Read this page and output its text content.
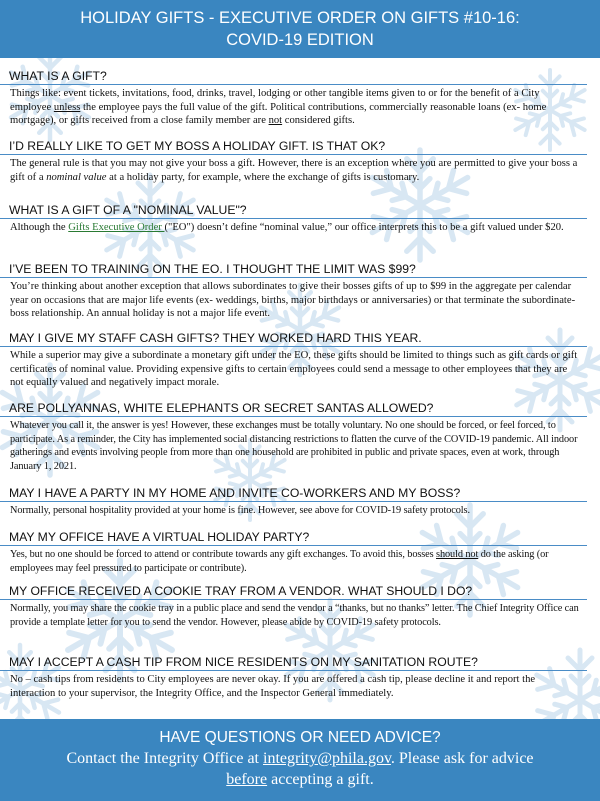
HOLIDAY GIFTS - EXECUTIVE ORDER ON GIFTS #10-16:
COVID-19 EDITION
WHAT IS A GIFT?

Things like: event tickets, invitations, food, drinks, travel, lodging or other tangible items given to or for the benefit of a City employee unless the employee pays the full value of the gift. Political contributions, commercially reasonable loans (ex- home mortgage), or gifts received from a close family member are not considered gifts.

I’D REALLY LIKE TO GET MY BOSS A HOLIDAY GIFT. IS THAT OK?

The general rule is that you may not give your boss a gift. However, there is an exception where you are permitted to give your boss a gift of a nominal value at a holiday party, for example, where the exchange of gifts is customary.

WHAT IS A GIFT OF A "NOMINAL VALUE"?

Although the Gifts Executive Order ("EO") doesn’t define “nominal value,” our office interprets this to be a gift valued under $20.

I’VE BEEN TO TRAINING ON THE EO. I THOUGHT THE LIMIT WAS $99?

You’re thinking about another exception that allows subordinates to give their bosses gifts of up to $99 in the aggregate per calendar year on occasions that are major life events (ex- weddings, births, major birthdays or anniversaries) or that terminate the subordinate-boss relationship. An annual holiday is not a major life event.

MAY I GIVE MY STAFF CASH GIFTS? THEY WORKED HARD THIS YEAR.

While a superior may give a subordinate a monetary gift under the EO, these gifts should be limited to things such as gift cards or gift certificates of nominal value. Providing expensive gifts to certain employees could send a message to other employees that they are not equally valued and negatively impact morale.

ARE POLLYANNAS, WHITE ELEPHANTS OR SECRET SANTAS ALLOWED?

Whatever you call it, the answer is yes! However, these exchanges must be totally voluntary. No one should be forced, or feel forced, to participate. As a reminder, the City has implemented social distancing restrictions to flatten the curve of the COVID-19 pandemic. All indoor gatherings and events involving people from more than one household are prohibited in public and private spaces, even at work, through January 1, 2021.

MAY I HAVE A PARTY IN MY HOME AND INVITE CO-WORKERS AND MY BOSS?

Normally, personal hospitality provided at your home is fine. However, see above for COVID-19 safety protocols.

MAY MY OFFICE HAVE A VIRTUAL HOLIDAY PARTY?

Yes, but no one should be forced to attend or contribute towards any gift exchanges. To avoid this, bosses should not do the asking (or employees may feel pressured to participate or contribute).

MY OFFICE RECEIVED A COOKIE TRAY FROM A VENDOR. WHAT SHOULD I DO?

Normally, you may share the cookie tray in a public place and send the vendor a “thanks, but no thanks” letter. The Chief Integrity Office can provide a template letter for you to send the vendor. However, please abide by COVID-19 safety protocols.

MAY I ACCEPT A CASH TIP FROM NICE RESIDENTS ON MY SANITATION ROUTE?

No – cash tips from residents to City employees are never okay. If you are offered a cash tip, please decline it and report the interaction to your supervisor, the Integrity Office, and the Inspector General immediately.

HAVE QUESTIONS OR NEED ADVICE?
Contact the Integrity Office at integrity@phila.gov. Please ask for advice
before accepting a gift.
